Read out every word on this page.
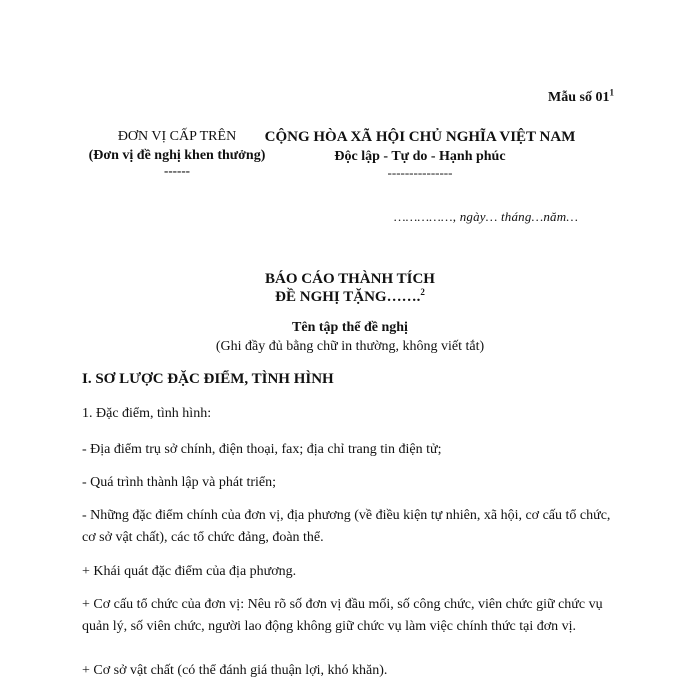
Mẫu số $01^1$
ĐƠN VỊ CẤP TRÊN
(Đơn vị đề nghị khen thưởng)
------
CỘNG HÒA XÃ HỘI CHỦ NGHĨA VIỆT NAM
Độc lập - Tự do - Hạnh phúc
---------------
……………, ngày… tháng…năm…
BÁO CÁO THÀNH TÍCH
ĐỀ NGHỊ TẶNG…….$^2$
Tên tập thể đề nghị
(Ghi đầy đủ bằng chữ in thường, không viết tắt)
I. SƠ LƯỢC ĐẶC ĐIỂM, TÌNH HÌNH
1. Đặc điểm, tình hình:
- Địa điểm trụ sở chính, điện thoại, fax; địa chỉ trang tin điện tử;
- Quá trình thành lập và phát triển;
- Những đặc điểm chính của đơn vị, địa phương (về điều kiện tự nhiên, xã hội, cơ cấu tổ chức, cơ sở vật chất), các tổ chức đảng, đoàn thể.
+ Khái quát đặc điểm của địa phương.
+ Cơ cấu tổ chức của đơn vị: Nêu rõ số đơn vị đầu mối, số công chức, viên chức giữ chức vụ quản lý, số viên chức, người lao động không giữ chức vụ làm việc chính thức tại đơn vị.
+ Cơ sở vật chất (có thể đánh giá thuận lợi, khó khăn).
